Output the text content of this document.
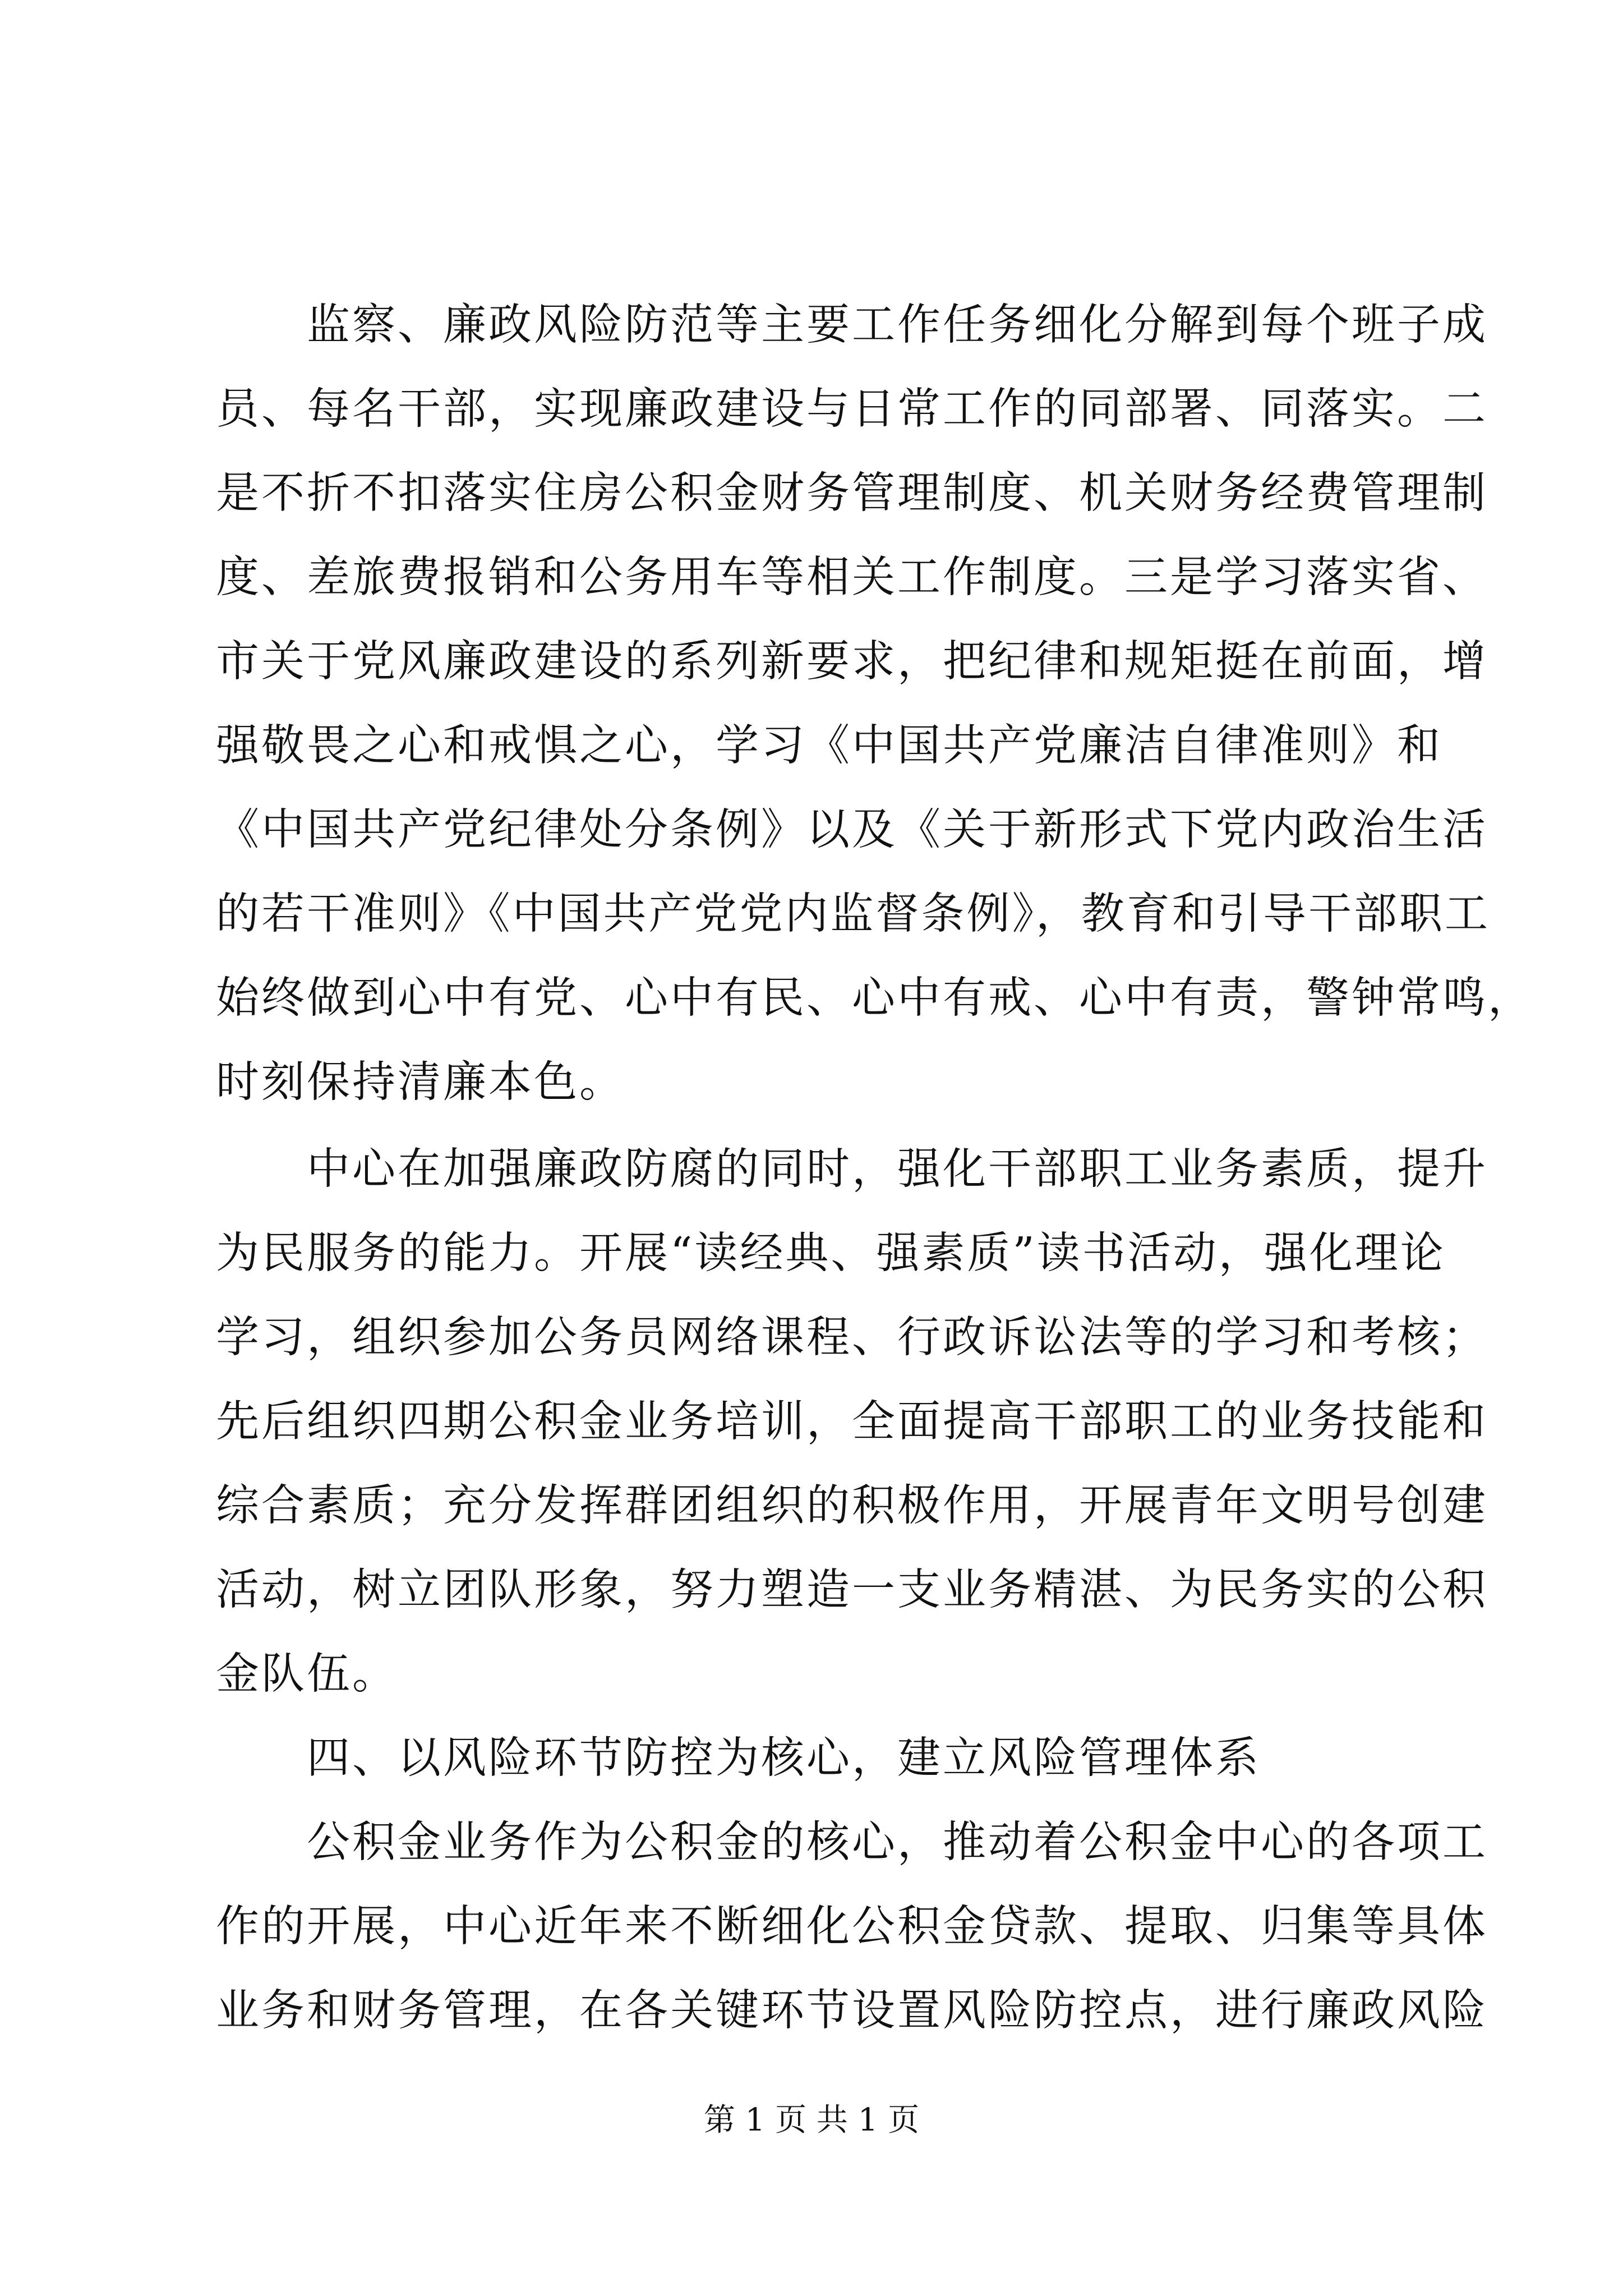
监察、廉政风险防范等主要工作任务细化分解到每个班子成
员、每名干部，实现廉政建设与日常工作的同部署、同落实。二
是不折不扣落实住房公积金财务管理制度、机关财务经费管理制
度、差旅费报销和公务用车等相关工作制度。三是学习落实省、
市关于党风廉政建设的系列新要求，把纪律和规矩挺在前面，增
强敬畏之心和戒惧之心，学习《中国共产党廉洁自律准则》和
《中国共产党纪律处分条例》以及《关于新形式下党内政治生活
的若干准则》《中国共产党党内监督条例》，教育和引导干部职工
始终做到心中有党、心中有民、心中有戒、心中有责，警钟常鸣，
时刻保持清廉本色。
中心在加强廉政防腐的同时，强化干部职工业务素质，提升
为民服务的能力。开展“读经典、强素质”读书活动，强化理论
学习，组织参加公务员网络课程、行政诉讼法等的学习和考核；
先后组织四期公积金业务培训，全面提高干部职工的业务技能和
综合素质；充分发挥群团组织的积极作用，开展青年文明号创建
活动，树立团队形象，努力塑造一支业务精湛、为民务实的公积
金队伍。
四、以风险环节防控为核心，建立风险管理体系
公积金业务作为公积金的核心，推动着公积金中心的各项工
作的开展，中心近年来不断细化公积金贷款、提取、归集等具体
业务和财务管理，在各关键环节设置风险防控点，进行廉政风险
第 1 页 共 1 页
